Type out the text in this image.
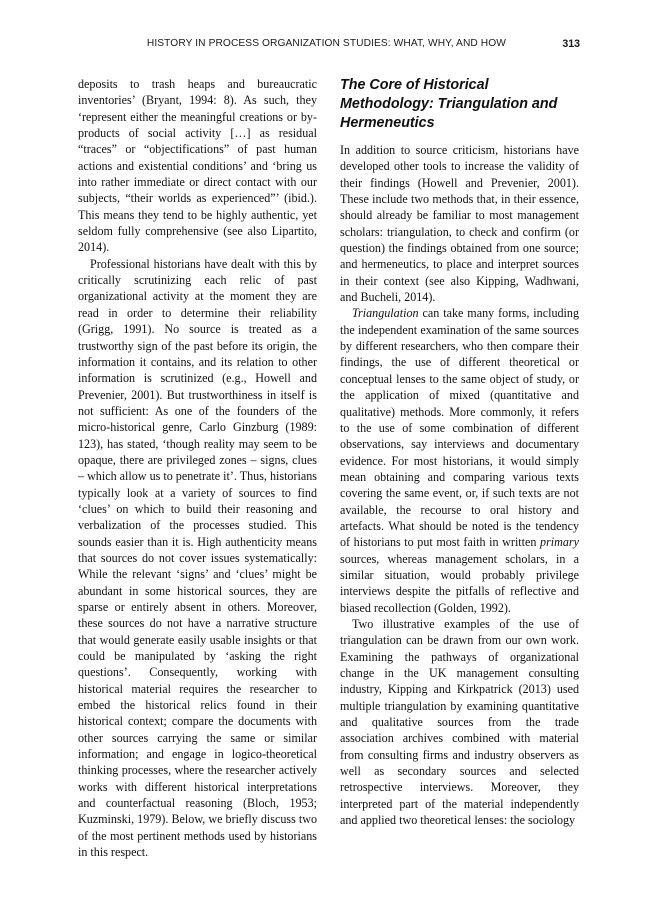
HISTORY IN PROCESS ORGANIZATION STUDIES: WHAT, WHY, AND HOW	313

deposits to trash heaps and bureaucratic inventories’ (Bryant, 1994: 8). As such, they ‘represent either the meaningful creations or by-products of social activity […] as residual “traces” or “objectifications” of past human actions and existential conditions’ and ‘bring us into rather immediate or direct contact with our subjects, “their worlds as experienced”’ (ibid.). This means they tend to be highly authentic, yet seldom fully comprehensive (see also Lipartito, 2014).

Professional historians have dealt with this by critically scrutinizing each relic of past organizational activity at the moment they are read in order to determine their reliability (Grigg, 1991). No source is treated as a trustworthy sign of the past before its origin, the information it contains, and its relation to other information is scrutinized (e.g., Howell and Prevenier, 2001). But trustworthiness in itself is not sufficient: As one of the founders of the micro-historical genre, Carlo Ginzburg (1989: 123), has stated, ‘though reality may seem to be opaque, there are privileged zones – signs, clues – which allow us to penetrate it’. Thus, historians typically look at a variety of sources to find ‘clues’ on which to build their reasoning and verbalization of the processes studied. This sounds easier than it is. High authenticity means that sources do not cover issues systematically: While the relevant ‘signs’ and ‘clues’ might be abundant in some historical sources, they are sparse or entirely absent in others. Moreover, these sources do not have a narrative structure that would generate easily usable insights or that could be manipulated by ‘asking the right questions’. Consequently, working with historical material requires the researcher to embed the historical relics found in their historical context; compare the documents with other sources carrying the same or similar information; and engage in logico-theoretical thinking processes, where the researcher actively works with different historical interpretations and counterfactual reasoning (Bloch, 1953; Kuzminski, 1979). Below, we briefly discuss two of the most pertinent methods used by historians in this respect.

The Core of Historical Methodology: Triangulation and Hermeneutics

In addition to source criticism, historians have developed other tools to increase the validity of their findings (Howell and Prevenier, 2001). These include two methods that, in their essence, should already be familiar to most management scholars: triangulation, to check and confirm (or question) the findings obtained from one source; and hermeneutics, to place and interpret sources in their context (see also Kipping, Wadhwani, and Bucheli, 2014).

Triangulation can take many forms, including the independent examination of the same sources by different researchers, who then compare their findings, the use of different theoretical or conceptual lenses to the same object of study, or the application of mixed (quantitative and qualitative) methods. More commonly, it refers to the use of some combination of different observations, say interviews and documentary evidence. For most historians, it would simply mean obtaining and comparing various texts covering the same event, or, if such texts are not available, the recourse to oral history and artefacts. What should be noted is the tendency of historians to put most faith in written primary sources, whereas management scholars, in a similar situation, would probably privilege interviews despite the pitfalls of reflective and biased recollection (Golden, 1992).

Two illustrative examples of the use of triangulation can be drawn from our own work. Examining the pathways of organizational change in the UK management consulting industry, Kipping and Kirkpatrick (2013) used multiple triangulation by examining quantitative and qualitative sources from the trade association archives combined with material from consulting firms and industry observers as well as secondary sources and selected retrospective interviews. Moreover, they interpreted part of the material independently and applied two theoretical lenses: the sociology
